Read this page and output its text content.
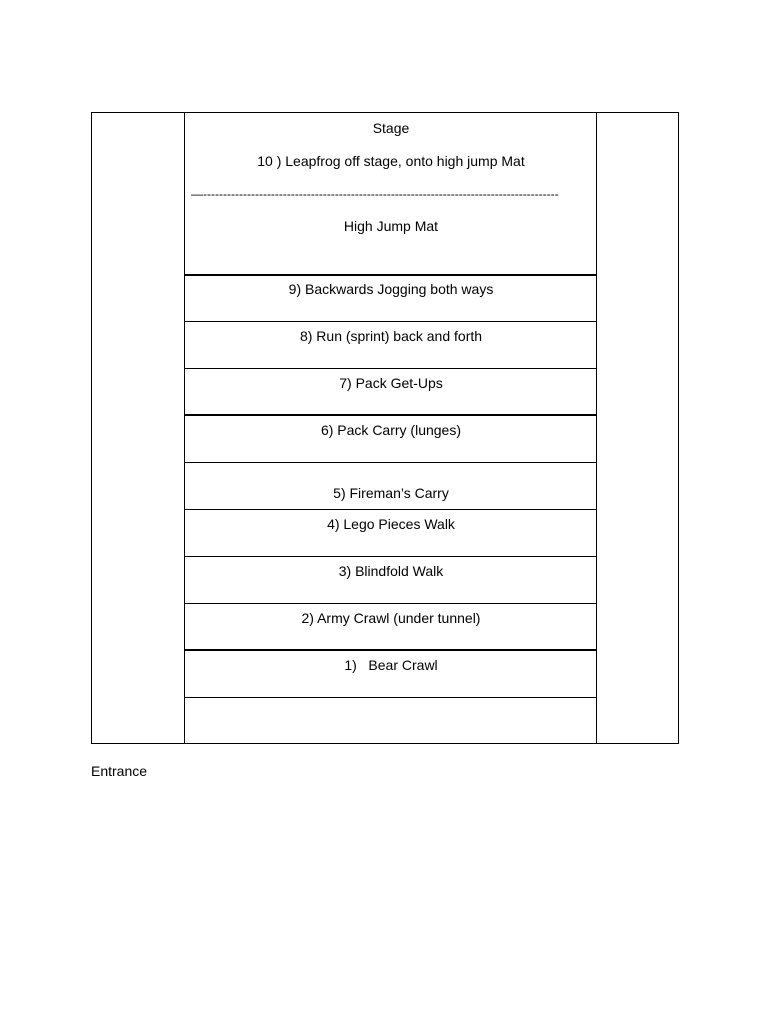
Stage
10 ) Leapfrog off stage, onto high jump Mat
—-----------------------------------------------------------------------------------------
High Jump Mat
9) Backwards Jogging both ways
8) Run (sprint) back and forth
7) Pack Get-Ups
6) Pack Carry (lunges)
5) Fireman’s Carry
4) Lego Pieces Walk
3) Blindfold Walk
2) Army Crawl (under tunnel)
1)   Bear Crawl
Entrance
